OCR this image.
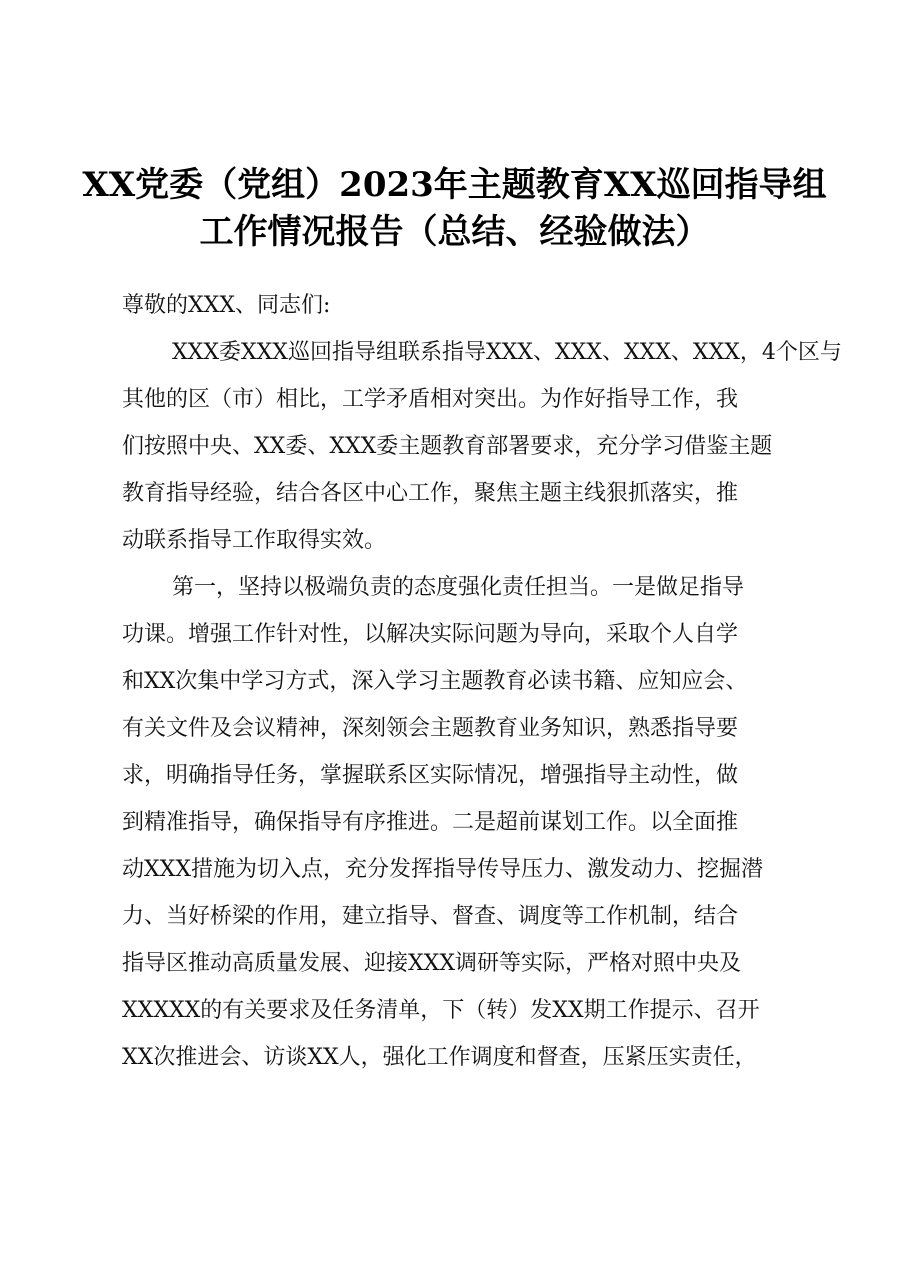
XX党委（党组）2023年主题教育XX巡回指导组
工作情况报告（总结、经验做法）
尊敬的XXX、同志们:
XXX委XXX巡回指导组联系指导XXX、XXX、XXX、XXX，4个区与
其他的区（市）相比，工学矛盾相对突出。为作好指导工作，我
们按照中央、XX委、XXX委主题教育部署要求，充分学习借鉴主题
教育指导经验，结合各区中心工作，聚焦主题主线狠抓落实，推
动联系指导工作取得实效。
第一，坚持以极端负责的态度强化责任担当。一是做足指导
功课。增强工作针对性，以解决实际问题为导向，采取个人自学
和XX次集中学习方式，深入学习主题教育必读书籍、应知应会、
有关文件及会议精神，深刻领会主题教育业务知识，熟悉指导要
求，明确指导任务，掌握联系区实际情况，增强指导主动性，做
到精准指导，确保指导有序推进。二是超前谋划工作。以全面推
动XXX措施为切入点，充分发挥指导传导压力、激发动力、挖掘潜
力、当好桥梁的作用，建立指导、督查、调度等工作机制，结合
指导区推动高质量发展、迎接XXX调研等实际，严格对照中央及
XXXXX的有关要求及任务清单，下（转）发XX期工作提示、召开
XX次推进会、访谈XX人，强化工作调度和督查，压紧压实责任，
